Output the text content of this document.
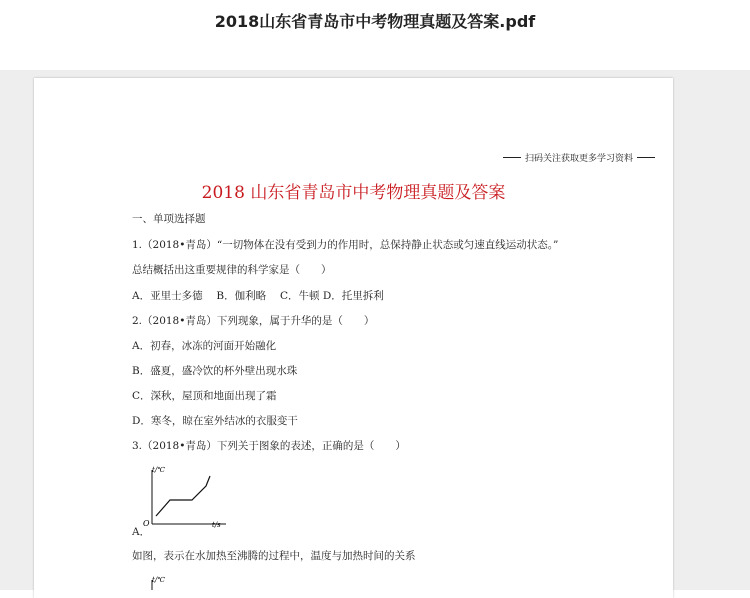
2018山东省青岛市中考物理真题及答案.pdf
扫码关注获取更多学习资料
2018 山东省青岛市中考物理真题及答案
一、单项选择题
1.（2018•青岛）“一切物体在没有受到力的作用时，总保持静止状态或匀速直线运动状态。”
总结概括出这重要规律的科学家是（　　）
A．亚里士多德　 B．伽利略　 C．牛顿 D．托里拆利
2.（2018•青岛）下列现象，属于升华的是（　　）
A．初春，冰冻的河面开始融化
B．盛夏，盛冷饮的杯外壁出现水珠
C．深秋，屋顶和地面出现了霜
D．寒冬，晾在室外结冰的衣服变干
3.（2018•青岛）下列关于图象的表述，正确的是（　　）
t/℃
t/s
O
A．
如图，表示在水加热至沸腾的过程中，温度与加热时间的关系
t/℃
